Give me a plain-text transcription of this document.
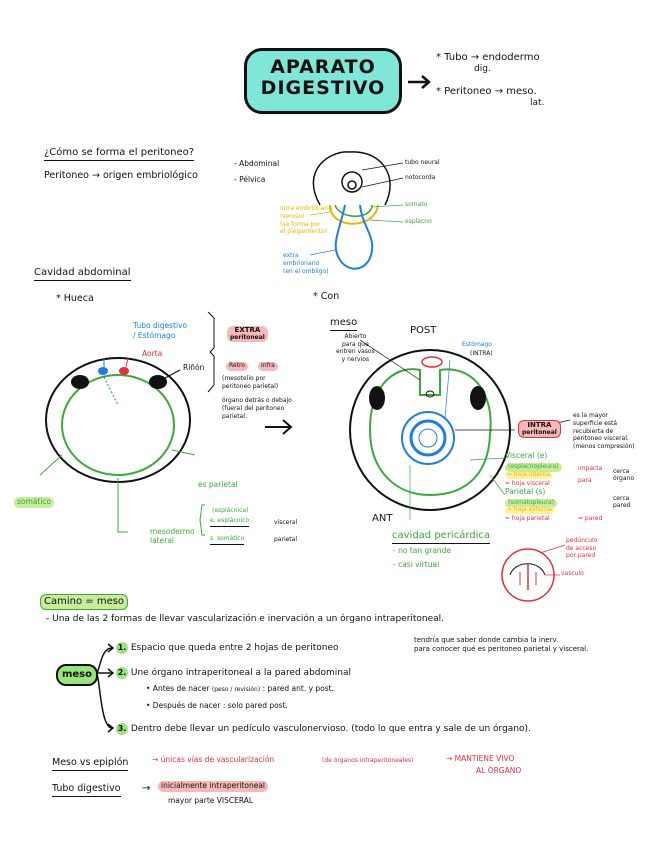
APARATO
DIGESTIVO
* Tubo → endodermo
dig.
* Peritoneo → meso.
lat.
¿Cómo se forma el peritoneo?
Peritoneo → origen embriológico
- Abdominal
- Pélvica
tubo neural
notocorda
somato
esplacno
intra embrionario
(seroso)
(se forma por
el plegamiento)
extra
embrionario
(en el ombligo)
Cavidad abdominal
* Hueca	* Con
Tubo digestivo
/ Estómago
Aorta
Riñón
EXTRA
peritoneal
Retro	Infra
(mesotelio por
peritoneo parietal)
órgano detrás o debajo
(fuera) del peritoneo
parietal.
es parietal
somático
mesodermo
lateral
(esplácnica)
e. esplácnico
s. somático
visceral
parietal
meso
Abierto
para que
entren vasos
y nervios
POST
ANT
Estómago
(INTRA)
INTRA
peritoneal
es la mayor
superficie está
recubierta de
peritoneo visceral.
(menos compresión)
Visceral (e)
(esplacnopleura)
= hoja interna
= hoja visceral
impacta
para
cerca
órgano
Parietal (s)
(somatopleura)
= hoja externa
= hoja parietal	= pared
cerca
pared
cavidad pericárdica
- no tan grande
- casi virtual
pedúnculo
de acceso
por pared
vasculo
Camino = meso
- Una de las 2 formas de llevar vascularización e inervación a un órgano intraperitoneal.
meso
1. Espacio que queda entre 2 hojas de peritoneo
tendría que saber donde cambia la inerv.
para conocer qué es peritoneo parietal y visceral.
2. Une órgano intraperitoneal a la pared abdominal
• Antes de nacer (peso / revisión) : pared ant. y post.
• Después de nacer : solo pared post.
3. Dentro debe llevar un pedículo vasculonervioso. (todo lo que entra y sale de un órgano).
Meso vs epiplón	→ únicas vías de vascularización	(de órganos intraperitoneales)	→ MANTIENE VIVO
AL ÓRGANO
Tubo digestivo →	inicialmente intraperitoneal
mayor parte VISCERAL
